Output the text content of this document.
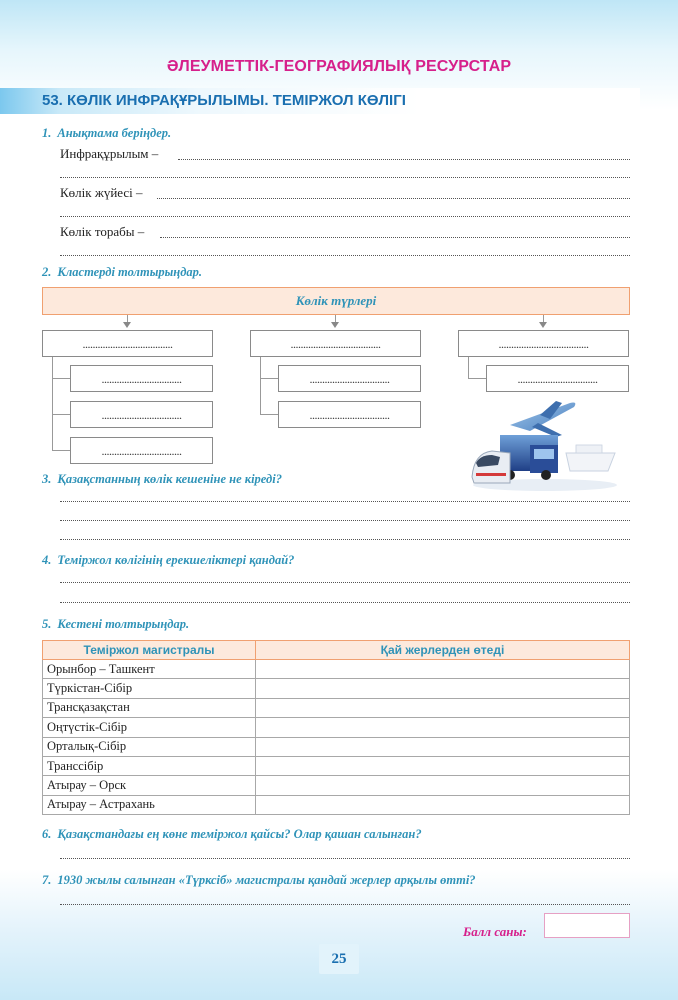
ӘЛЕУМЕТТІК-ГЕОГРАФИЯЛЫҚ РЕСУРСТАР
53. КӨЛІК ИНФРАҚҰРЫЛЫМЫ. ТЕМІРЖОЛ КӨЛІГІ
1. Анықтама беріңдер.
Инфрақұрылым –
Көлік жүйесі –
Көлік торабы –
2. Кластерді толтырыңдар.
Көлік түрлері
....................................
................................
................................
................................
....................................
................................
................................
....................................
................................
3. Қазақстанның көлік кешеніне не кіреді?
4. Теміржол көлігінің ерекшеліктері қандай?
5. Кестені толтырыңдар.
Теміржол магистралы	Қай жерлерден өтеді
Орынбор – Ташкент	
Түркістан-Сібір	
Трансқазақстан	
Оңтүстік-Сібір	
Орталық-Сібір	
Транссібір	
Атырау – Орск	
Атырау – Астрахань	
6. Қазақстандағы ең көне теміржол қайсы? Олар қашан салынған?
7. 1930 жылы салынған «Түрксіб» магистралы қандай жерлер арқылы өтті?
Балл саны:
25
